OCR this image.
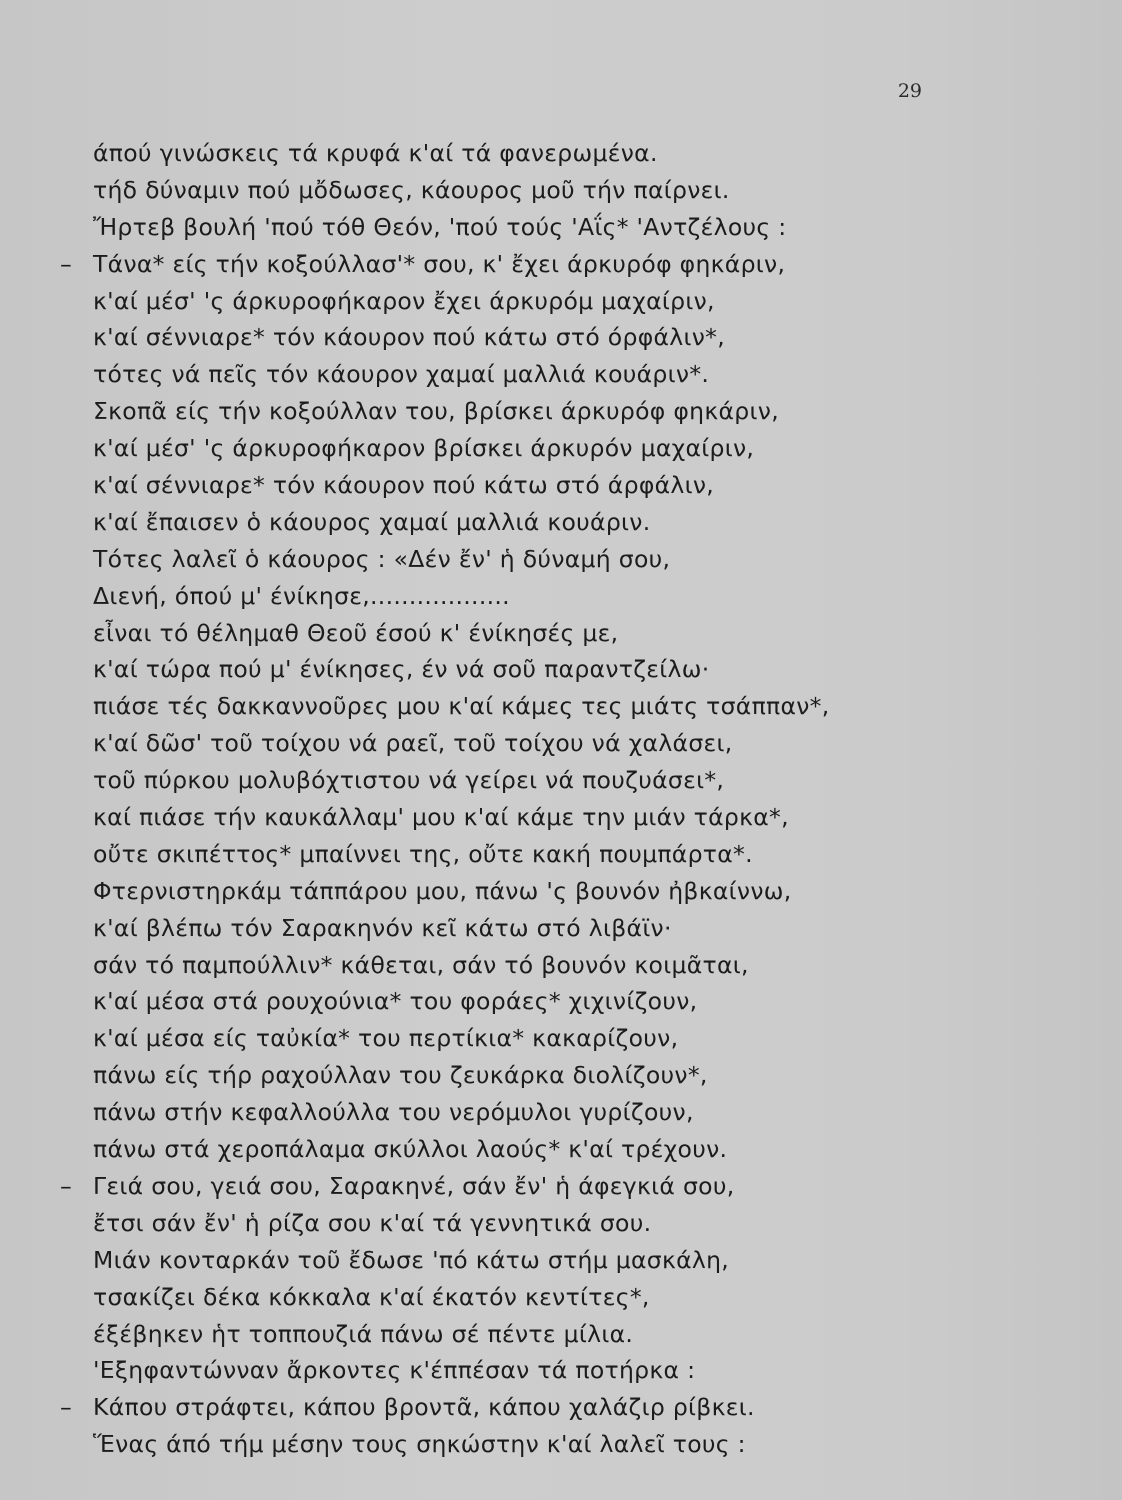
29
άπού γινώσκεις τά κρυφά κ'αί τά φανερωμένα.
τήδ δύναμιν πού μὄδωσες, κάουρος μοῦ τήν παίρνει.
Ἤρτεβ βουλή 'πού τόθ Θεόν, 'πού τούς 'Αΐς* 'Αντζέλους :
– Τάνα* είς τήν κοξούλλασ'* σου, κ' ἔχει άρκυρόφ φηκάριν,
κ'αί μέσ' 'ς άρκυροφήκαρον ἔχει άρκυρόμ μαχαίριν,
κ'αί σέννιαρε* τόν κάουρον πού κάτω στό όρφάλιν*,
τότες νά πεῖς τόν κάουρον χαμαί μαλλιά κουάριν*.
Σκοπᾶ είς τήν κοξούλλαν του, βρίσκει άρκυρόφ φηκάριν,
κ'αί μέσ' 'ς άρκυροφήκαρον βρίσκει άρκυρόν μαχαίριν,
κ'αί σέννιαρε* τόν κάουρον πού κάτω στό άρφάλιν,
κ'αί ἔπαισεν ὁ κάουρος χαμαί μαλλιά κουάριν.
Τότες λαλεῖ ὁ κάουρος : «Δέν ἔν' ἡ δύναμή σου,
Διενή, όπού μ' ένίκησε,..................
εἶναι τό θέλημαθ Θεοῦ έσού κ' ένίκησές με,
κ'αί τώρα πού μ' ένίκησες, έν νά σοῦ παραντζείλω·
πιάσε τές δακκαννοῦρες μου κ'αί κάμες τες μιάτς τσάππαν*,
κ'αί δῶσ' τοῦ τοίχου νά ραεῖ, τοῦ τοίχου νά χαλάσει,
τοῦ πύρκου μολυβόχτιστου νά γείρει νά πουζυάσει*,
καί πιάσε τήν καυκάλλαμ' μου κ'αί κάμε την μιάν τάρκα*,
οὔτε σκιπέττος* μπαίννει της, οὔτε κακή πουμπάρτα*.
Φτερνιστηρκάμ τάππάρου μου, πάνω 'ς βουνόν ἠβκαίννω,
κ'αί βλέπω τόν Σαρακηνόν κεῖ κάτω στό λιβάϊν·
σάν τό παμπούλλιν* κάθεται, σάν τό βουνόν κοιμᾶται,
κ'αί μέσα στά ρουχούνια* του φοράες* χιχινίζουν,
κ'αί μέσα είς ταὐκία* του περτίκια* κακαρίζουν,
πάνω είς τήρ ραχούλλαν του ζευκάρκα διολίζουν*,
πάνω στήν κεφαλλούλλα του νερόμυλοι γυρίζουν,
πάνω στά χεροπάλαμα σκύλλοι λαούς* κ'αί τρέχουν.
– Γειά σου, γειά σου, Σαρακηνέ, σάν ἔν' ἡ άφεγκιά σου,
ἔτσι σάν ἔν' ἡ ρίζα σου κ'αί τά γεννητικά σου.
Μιάν κονταρκάν τοῦ ἔδωσε 'πό κάτω στήμ μασκάλη,
τσακίζει δέκα κόκκαλα κ'αί έκατόν κεντίτες*,
έξέβηκεν ἡτ τοππουζιά πάνω σέ πέντε μίλια.
'Εξηφαντώνναν ἄρκοντες κ'έππέσαν τά ποτήρκα :
– Κάπου στράφτει, κάπου βροντᾶ, κάπου χαλάζιρ ρίβκει.
Ἕνας άπό τήμ μέσην τους σηκώστην κ'αί λαλεῖ τους :
